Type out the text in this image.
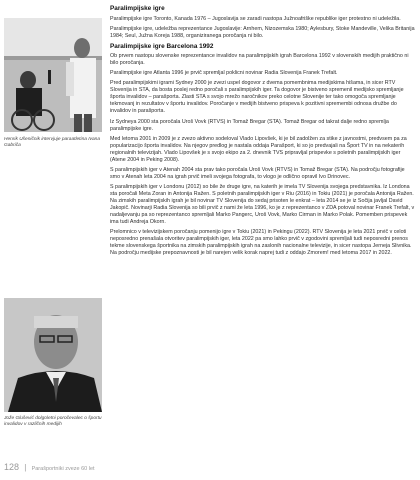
Henrik Ušeničnik intervjuje paraatletina Ivana Gabriča
Jože Glušević dolgoletni poročevalec o športu invalidov v različnih medijih
Paralimpijske igre

Paralimpijske igre Toronto, Kanada 1976 – Jugoslavija se zaradi nastopa Južnoafriške republike iger protestno ni udeležila.

Paralimpijske igre, udeležba reprezentance Jugoslavije: Arnhem, Nizozemska 1980; Aylesbury, Stoke Mandeville, Velika Britanija 1984; Seul, Južna Koreja 1988, organiziranega poročanja ni bilo.

Paralimpijske igre Barcelona 1992

Ob prvem nastopu slovenske reprezentance invalidov na paralimpijskih igrah Barcelona 1992 v slovenskih medijih praktično ni bilo poročanja.

Paralimpijske igre Atlanta 1996 je prvič spremljal poklicni novinar Radia Slovenija Franek Trefalt.

Pred paralimpijskimi igrami Sydney 2000 je zvezi uspel dogovor z dvema pomembnima medijskima hišama, in sicer RTV Slovenija in STA, da bosta poslej redno poročali s paralimpijskih iger. Ta dogovor je bistveno spremenil medijsko spremljanje športa invalidov – parašporta. Zlasti STA s svojo mrežo naročnikov preko celotne Slovenije ter tako omogoča spremljanje tekmovanj in rezultatov v športu invalidov. Poročanje v medijih bistveno prispeva k pozitivni spremembi odnosa družbe do invalidov in parašporta.

Iz Sydneya 2000 sta poročala Uroš Vovk (RTVS) in Tomaž Bregar (STA). Tomaž Bregar od takrat dalje redno spremlja paralimpijske igre.

Med letoma 2001 in 2009 je z zvezo aktivno sodeloval Vlado Lipovšek, ki je bil zadolžen za stike z javnostmi, predvsem pa za popularizacijo športa invalidov. Na njegov predlog je nastala oddaja Parašport, ki so jo predvajali na Šport TV in na nekaterih regionalnih televizijah. Vlado Lipovšek je s svojo ekipo za 2. dnevnik TVS pripravljal prispevke s poletnih paralimpijskih iger (Atene 2004 in Peking 2008).

S paralimpijskih iger v Atenah 2004 sta prav tako poročala Uroš Vovk (RTVS) in Tomaž Bregar (STA). Na področju fotografije smo v Atenah leta 2004 na igrah prvič imeli svojega fotografa, to vlogo je odlično opravil Ivo Drinovec.

S paralimpijskih iger v Londonu (2012) so bile že druge igre, na katerih je imela TV Slovenija svojega predstavnika. Iz Londona sta poročali Meta Zoran in Antonija Ražen. S poletnih paralimpijskih iger v Riu (2016) in Tokiu (2021) je poročala Antonija Ražen. Na zimskih paralimpijskih igrah je bil novinar TV Slovenija do sedaj prisoten le enkrat – leta 2014 se je iz Sočija javljal David Jakopič. Novinarji Radia Slovenija so bili prvič z nami že leta 1996, ko je z reprezentanco v ZDA potoval novinar Franek Trefalt, v nadaljevanju pa so reprezentanco spremljali Marko Pangerc, Uroš Vovk, Marko Cirman in Marko Polak. Pomemben prispevek ima tudi Andreja Okorn.

Prelomnico v televizijskem poročanju pomenijo igre v Tokiu (2021) in Pekingu (2022). RTV Slovenija je leta 2021 prvič v celoti neposredno prenašala otvoritev paralimpijskih iger, leta 2022 pa smo lahko prvič v zgodovini spremljali tudi neposredni prenos tekme slovenskega športnika na zimskih paralimpijskih igrah na zaslonih nacionalne televizije, in sicer nastopa Jerneja Slivnika. Na področju medijske prepoznavnosti je bil narejen velik korak naprej tudi z oddajo Zmorem! med letoma 2017 in 2022.

128 | Parašportniki zveze 60 let
